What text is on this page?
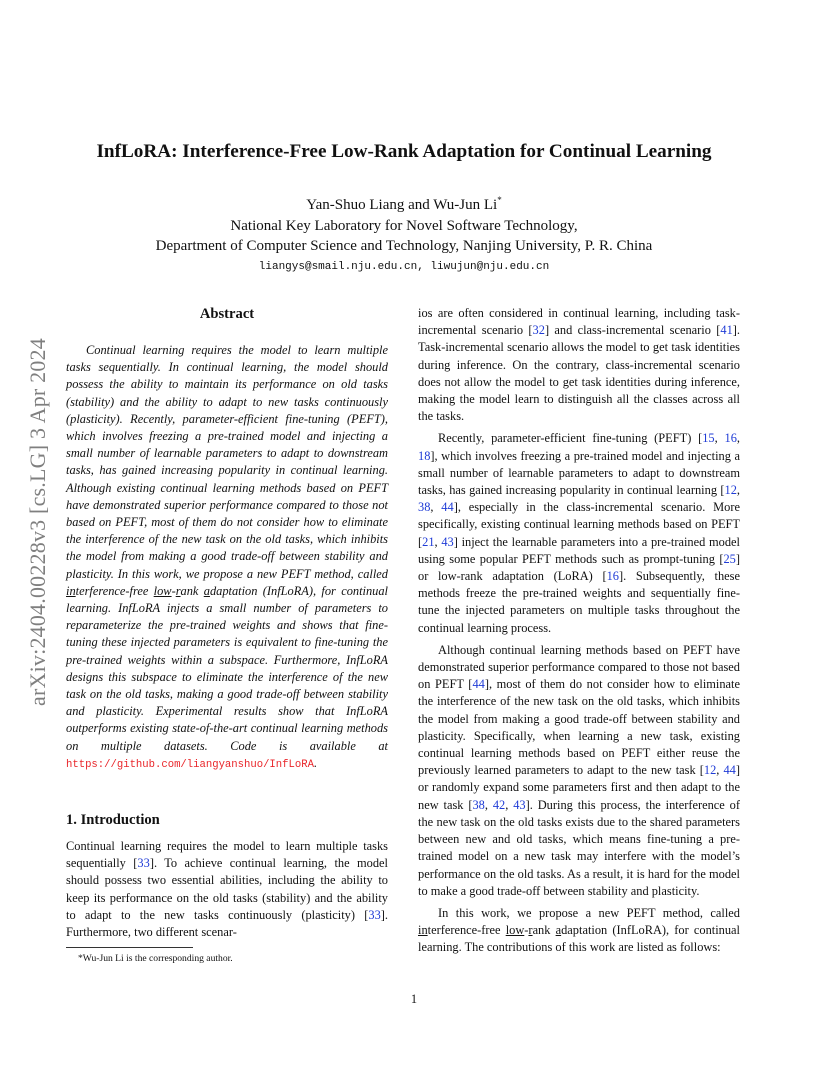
arXiv:2404.00228v3 [cs.LG] 3 Apr 2024
InfLoRA: Interference-Free Low-Rank Adaptation for Continual Learning
Yan-Shuo Liang and Wu-Jun Li*
National Key Laboratory for Novel Software Technology,
Department of Computer Science and Technology, Nanjing University, P. R. China
liangys@smail.nju.edu.cn, liwujun@nju.edu.cn
Abstract
Continual learning requires the model to learn multiple tasks sequentially. In continual learning, the model should possess the ability to maintain its performance on old tasks (stability) and the ability to adapt to new tasks continuously (plasticity). Recently, parameter-efficient fine-tuning (PEFT), which involves freezing a pre-trained model and injecting a small number of learnable parameters to adapt to downstream tasks, has gained increasing popularity in continual learning. Although existing continual learning methods based on PEFT have demonstrated superior performance compared to those not based on PEFT, most of them do not consider how to eliminate the interference of the new task on the old tasks, which inhibits the model from making a good trade-off between stability and plasticity. In this work, we propose a new PEFT method, called interference-free low-rank adaptation (InfLoRA), for continual learning. InfLoRA injects a small number of parameters to reparameterize the pre-trained weights and shows that fine-tuning these injected parameters is equivalent to fine-tuning the pre-trained weights within a subspace. Furthermore, InfLoRA designs this subspace to eliminate the interference of the new task on the old tasks, making a good trade-off between stability and plasticity. Experimental results show that InfLoRA outperforms existing state-of-the-art continual learning methods on multiple datasets. Code is available at https://github.com/liangyanshuo/InfLoRA.
1. Introduction
Continual learning requires the model to learn multiple tasks sequentially [33]. To achieve continual learning, the model should possess two essential abilities, including the ability to keep its performance on the old tasks (stability) and the ability to adapt to the new tasks continuously (plasticity) [33]. Furthermore, two different scenar-
*Wu-Jun Li is the corresponding author.

ios are often considered in continual learning, including task-incremental scenario [32] and class-incremental scenario [41]. Task-incremental scenario allows the model to get task identities during inference. On the contrary, class-incremental scenario does not allow the model to get task identities during inference, making the model learn to distinguish all the classes across all the tasks.

Recently, parameter-efficient fine-tuning (PEFT) [15, 16, 18], which involves freezing a pre-trained model and injecting a small number of learnable parameters to adapt to downstream tasks, has gained increasing popularity in continual learning [12, 38, 44], especially in the class-incremental scenario. More specifically, existing continual learning methods based on PEFT [21, 43] inject the learnable parameters into a pre-trained model using some popular PEFT methods such as prompt-tuning [25] or low-rank adaptation (LoRA) [16]. Subsequently, these methods freeze the pre-trained weights and sequentially fine-tune the injected parameters on multiple tasks throughout the continual learning process.

Although continual learning methods based on PEFT have demonstrated superior performance compared to those not based on PEFT [44], most of them do not consider how to eliminate the interference of the new task on the old tasks, which inhibits the model from making a good trade-off between stability and plasticity. Specifically, when learning a new task, existing continual learning methods based on PEFT either reuse the previously learned parameters to adapt to the new task [12, 44] or randomly expand some parameters first and then adapt to the new task [38, 42, 43]. During this process, the interference of the new task on the old tasks exists due to the shared parameters between new and old tasks, which means fine-tuning a pre-trained model on a new task may interfere with the model’s performance on the old tasks. As a result, it is hard for the model to make a good trade-off between stability and plasticity.

In this work, we propose a new PEFT method, called interference-free low-rank adaptation (InfLoRA), for continual learning. The contributions of this work are listed as follows:

1
